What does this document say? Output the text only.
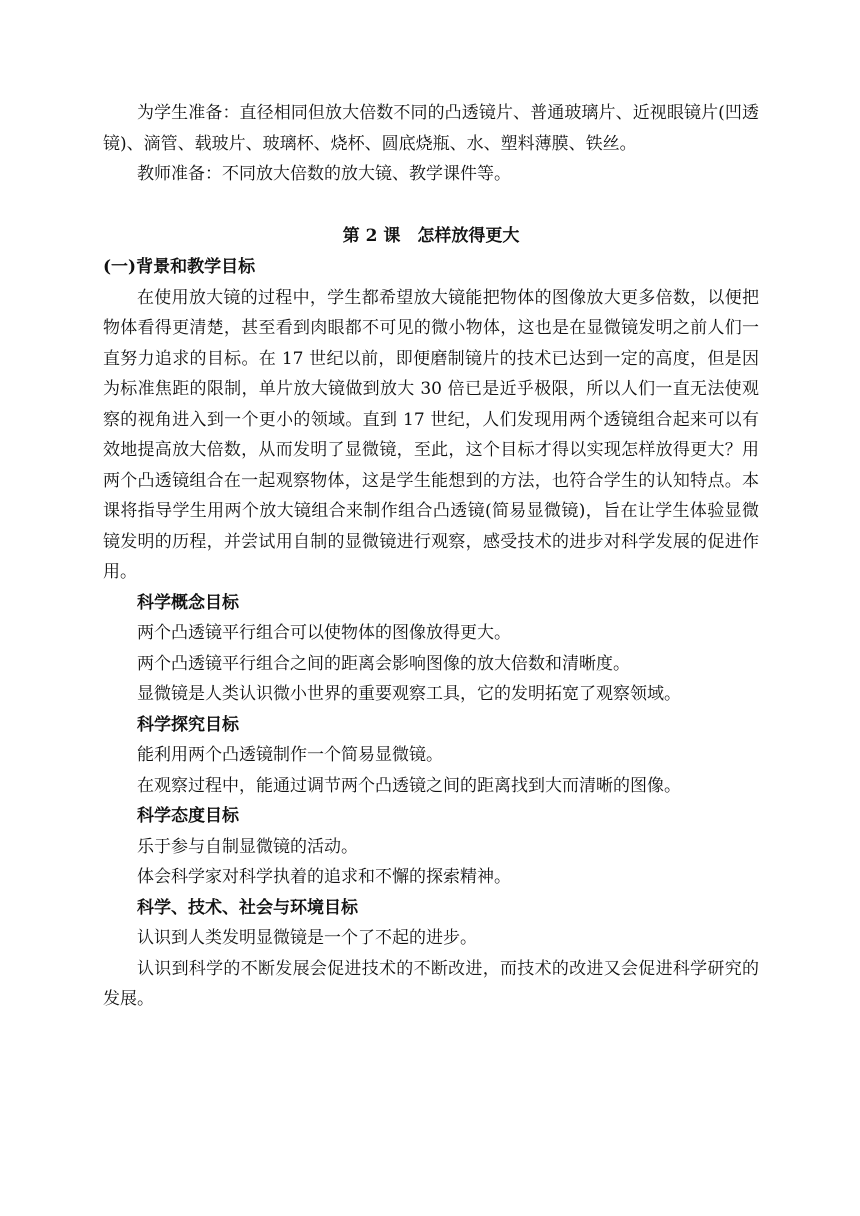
为学生准备：直径相同但放大倍数不同的凸透镜片、普通玻璃片、近视眼镜片(凹透镜)、滴管、载玻片、玻璃杯、烧杯、圆底烧瓶、水、塑料薄膜、铁丝。

教师准备：不同放大倍数的放大镜、教学课件等。

第 2 课　怎样放得更大

(一)背景和教学目标

在使用放大镜的过程中，学生都希望放大镜能把物体的图像放大更多倍数，以便把物体看得更清楚，甚至看到肉眼都不可见的微小物体，这也是在显微镜发明之前人们一直努力追求的目标。在 17 世纪以前，即便磨制镜片的技术已达到一定的高度，但是因为标准焦距的限制，单片放大镜做到放大 30 倍已是近乎极限，所以人们一直无法使观察的视角进入到一个更小的领域。直到 17 世纪，人们发现用两个透镜组合起来可以有效地提高放大倍数，从而发明了显微镜，至此，这个目标才得以实现怎样放得更大？用两个凸透镜组合在一起观察物体，这是学生能想到的方法，也符合学生的认知特点。本课将指导学生用两个放大镜组合来制作组合凸透镜(简易显微镜)，旨在让学生体验显微镜发明的历程，并尝试用自制的显微镜进行观察，感受技术的进步对科学发展的促进作用。

科学概念目标

两个凸透镜平行组合可以使物体的图像放得更大。

两个凸透镜平行组合之间的距离会影响图像的放大倍数和清晰度。

显微镜是人类认识微小世界的重要观察工具，它的发明拓宽了观察领域。

科学探究目标

能利用两个凸透镜制作一个简易显微镜。

在观察过程中，能通过调节两个凸透镜之间的距离找到大而清晰的图像。

科学态度目标

乐于参与自制显微镜的活动。

体会科学家对科学执着的追求和不懈的探索精神。

科学、技术、社会与环境目标

认识到人类发明显微镜是一个了不起的进步。

认识到科学的不断发展会促进技术的不断改进，而技术的改进又会促进科学研究的发展。
